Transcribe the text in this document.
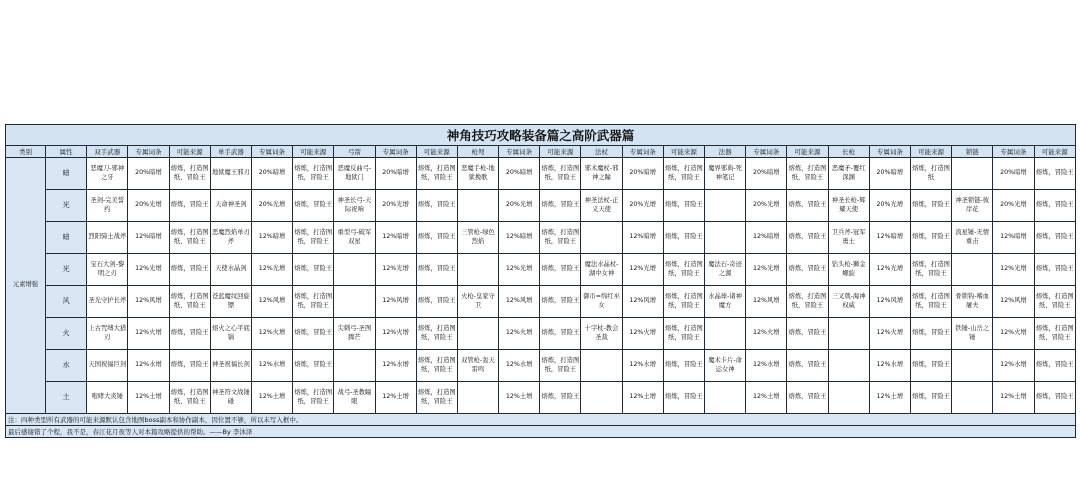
神角技巧攻略装备篇之高阶武器篇																									
类别	属性	双手武器	专属词条	可能来源	单手武器	专属词条	可能来源	弓箭	专属词条	可能来源	枪弩	专属词条	可能来源	法杖	专属词条	可能来源	法器	专属词条	可能来源	长枪	专属词条	可能来源	锁链	专属词条	可能来源
元素增强	暗	恶魔刀-邪神之牙	20%暗增	熔炼，打造图纸，冒险王	地狱魔王邪刃	20%暗增	熔炼，打造图纸，冒险王	恶魔反曲弓-地狱门	20%暗增	熔炼，打造图纸，冒险王	恶魔手枪-地狱挽歌	20%暗增	熔炼，打造图纸，冒险王	邪术魔杖-邪神之瞳	20%暗增	熔炼，打造图纸，冒险王	魔界邪典-死神笔记	20%暗增	熔炼，打造图纸，冒险王	恶魔矛-覆红深渊	20%暗增	熔炼，打造图纸		20%暗增	熔炼，冒险王
	光	圣剑-完美誓约	20%光增	熔炼，冒险王	天命神圣剑	20%光增	熔炼，冒险王	神圣长弓-天际祝响	20%光增	熔炼，冒险王		20%光增	熔炼，冒险王	神圣法杖-正义天使	20%光增	熔炼，冒险王		20%光增	熔炼，冒险王	神圣长枪-辉耀天使	20%光增	熔炼，冒险王	神圣锁链-彼岸花	20%光增	熔炼，冒险王
	暗	烈阳骑士战斧	12%暗增	熔炼，打造图纸，冒险王	恶魔烈焰单刃斧	12%暗增	熔炼，打造图纸，冒险王	重型弓-破军双星	12%暗增	熔炼，冒险王	三管枪-绿色烈焰	12%暗增	熔炼，打造图纸，冒险王		12%暗增	熔炼，冒险王		12%暗增	熔炼，冒险王	卫兵斧-冠军勇士	12%暗增	熔炼，冒险王	流星锤-无情重击	12%暗增	熔炼，冒险王
	光	宝石大剑-黎明之刃	12%光增	熔炼，冒险王	天使水晶剑	12%光增	熔炼，冒险王		12%光增	熔炼，冒险王		12%光增	熔炼，冒险王	魔法水晶杖-湖中女神	12%光增	熔炼，打造图纸，冒险王	魔法石-奇迹之源	12%光增	熔炼，冒险王	钻头枪-狮金螺旋	12%光增	熔炼，打造图纸，冒险王		12%光增	熔炼，冒险王
	风	圣光守护长斧	12%风增	熔炼，打造图纸，冒险王	苍蓝魔纹回旋镖	12%风增	熔炼，打造图纸，冒险王		12%风增	熔炼，冒险王	火枪-皇家守卫	12%风增	熔炼，冒险王	御币=绵红巫女	12%风增	熔炼，打造图纸，冒险王	水晶球-诸神魔方	12%风增	熔炼，打造图纸，冒险王	三叉戟-海神权威	12%风增	熔炼，打造图纸，冒险王	骨锁钩-嗜血屠夫	12%风增	熔炼，打造图纸，冒险王
	火	上古咒缚大猎刃	12%火增	熔炼，冒险王	熔火之心平底锅	12%火增	熔炼，冒险王	尖刺弓-圣图腾芒	12%火增	熔炼，打造图纸，冒险王		12%火增	熔炼，冒险王	十字杖-教会圣裁	12%火增	熔炼，打造图纸，冒险王		12%火增	熔炼，冒险王		12%火增	熔炼，冒险王	铁锤-山岳之锤	12%火增	熔炼，打造图纸，冒险王
	水	天国祝福巨剑	12%水增	熔炼，冒险王	神圣祝福长剑	12%水增	熔炼，冒险王		12%水增	熔炼，打造图纸，冒险王	双管枪-轰天雷鸣	12%水增	熔炼，打造图纸，冒险王		12%水增	熔炼，冒险王	魔术卡片-命运女神	12%水增	熔炼，冒险王		12%水增	熔炼，冒险王		12%水增	熔炼，冒险王
	土	咆哮大炎锤	12%土增	熔炼，打造图纸，冒险王	神圣符文战锤碰	12%土增	熔炼，打造图纸，冒险王	战弓-圣教瞳眼	12%土增	熔炼，打造图纸，冒险王		12%土增	熔炼，冒险王		12%土增	熔炼，冒险王		12%土增	熔炼，冒险王		12%土增	熔炼，冒险王		12%土增	熔炼，冒险王
注：四种类型所有武器的可能来源默认包含地图boss副本和协作副本，因位置不够，所以未写入框中。																									
最后感谢错了个程，我不是，春江花月夜等人对本篇攻略提供的帮助。——By 李沐泽																									
